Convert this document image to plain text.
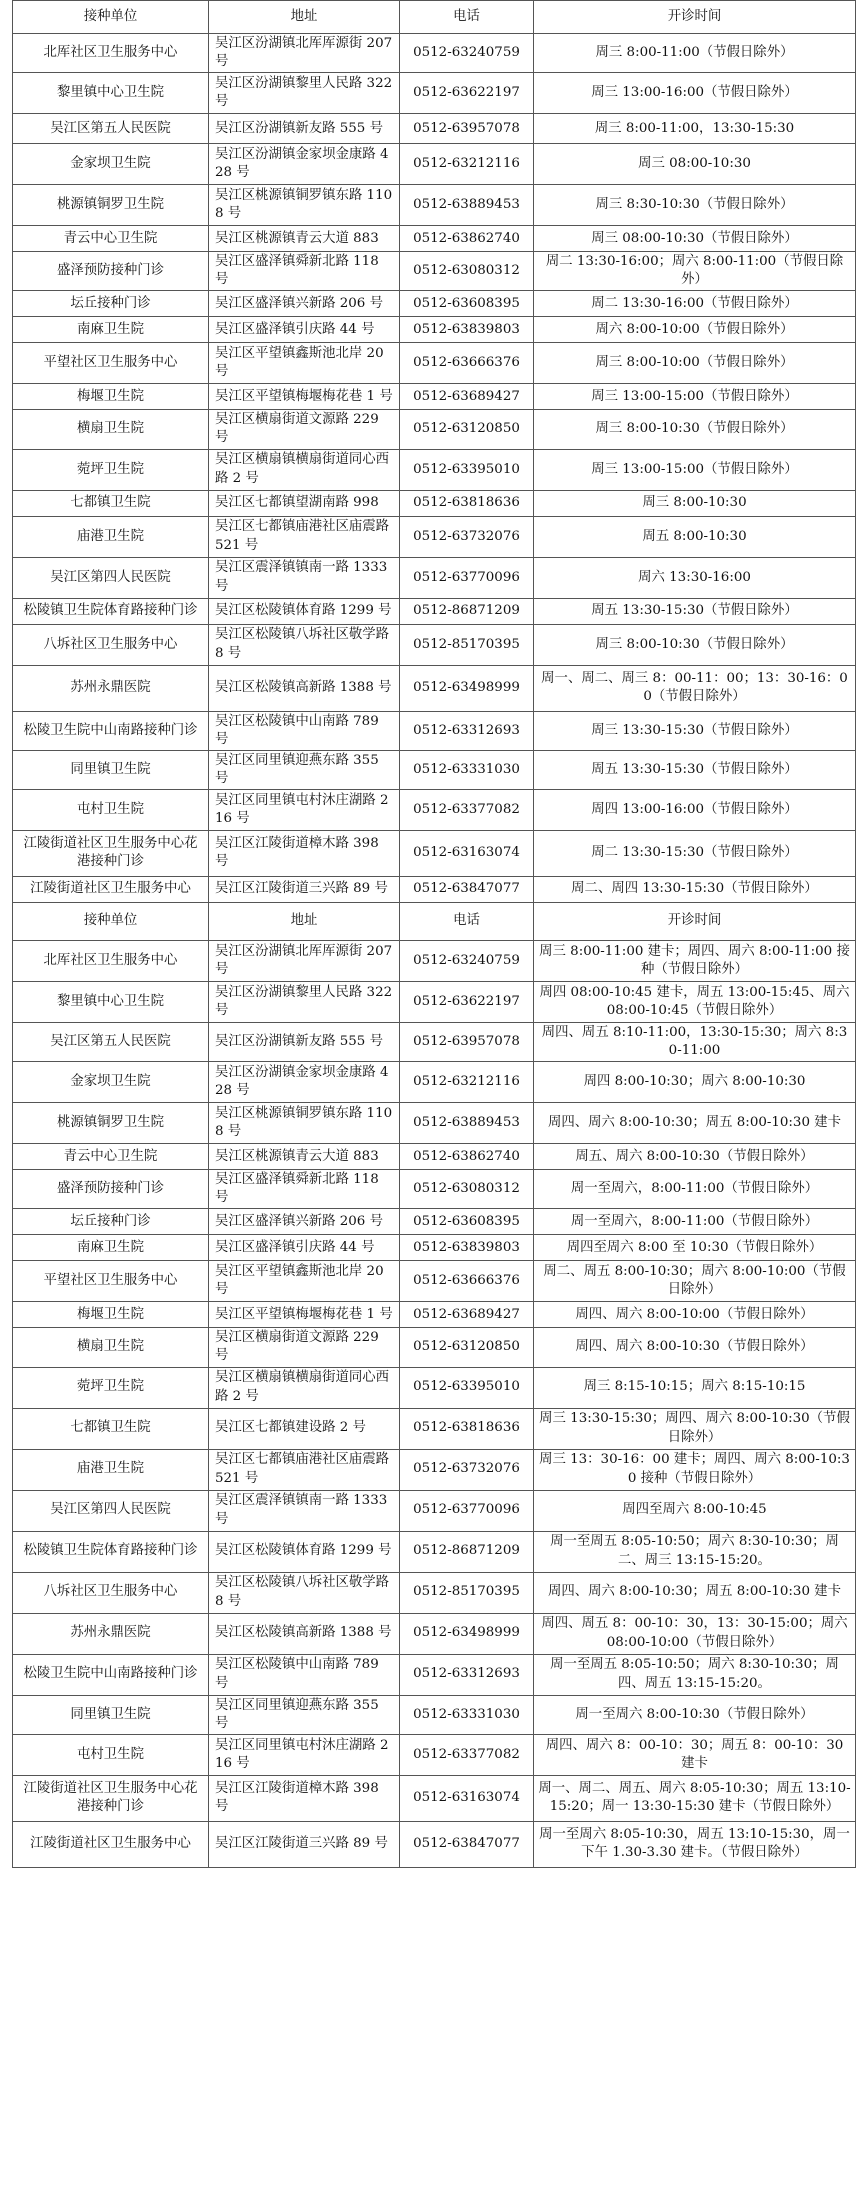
接种单位	地址	电话	开诊时间
北厍社区卫生服务中心	吴江区汾湖镇北厍厍源街 207 号	0512-63240759	周三 8:00-11:00（节假日除外）
黎里镇中心卫生院	吴江区汾湖镇黎里人民路 322 号	0512-63622197	周三 13:00-16:00（节假日除外）
吴江区第五人民医院	吴江区汾湖镇新友路 555 号	0512-63957078	周三 8:00-11:00，13:30-15:30
金家坝卫生院	吴江区汾湖镇金家坝金康路 428 号	0512-63212116	周三 08:00-10:30
桃源镇铜罗卫生院	吴江区桃源镇铜罗镇东路 1108 号	0512-63889453	周三 8:30-10:30（节假日除外）
青云中心卫生院	吴江区桃源镇青云大道 883	0512-63862740	周三 08:00-10:30（节假日除外）
盛泽预防接种门诊	吴江区盛泽镇舜新北路 118 号	0512-63080312	周二 13:30-16:00；周六 8:00-11:00（节假日除外）
坛丘接种门诊	吴江区盛泽镇兴新路 206 号	0512-63608395	周二 13:30-16:00（节假日除外）
南麻卫生院	吴江区盛泽镇引庆路 44 号	0512-63839803	周六 8:00-10:00（节假日除外）
平望社区卫生服务中心	吴江区平望镇鑫斯池北岸 20 号	0512-63666376	周三 8:00-10:00（节假日除外）
梅堰卫生院	吴江区平望镇梅堰梅花巷 1 号	0512-63689427	周三 13:00-15:00（节假日除外）
横扇卫生院	吴江区横扇街道文源路 229 号	0512-63120850	周三 8:00-10:30（节假日除外）
菀坪卫生院	吴江区横扇镇横扇街道同心西路 2 号	0512-63395010	周三 13:00-15:00（节假日除外）
七都镇卫生院	吴江区七都镇望湖南路 998	0512-63818636	周三 8:00-10:30
庙港卫生院	吴江区七都镇庙港社区庙震路 521 号	0512-63732076	周五 8:00-10:30
吴江区第四人民医院	吴江区震泽镇镇南一路 1333 号	0512-63770096	周六 13:30-16:00
松陵镇卫生院体育路接种门诊	吴江区松陵镇体育路 1299 号	0512-86871209	周五 13:30-15:30（节假日除外）
八坼社区卫生服务中心	吴江区松陵镇八坼社区敬学路 8 号	0512-85170395	周三 8:00-10:30（节假日除外）
苏州永鼎医院	吴江区松陵镇高新路 1388 号	0512-63498999	周一、周二、周三 8：00-11：00；13：30-16：00（节假日除外）
松陵卫生院中山南路接种门诊	吴江区松陵镇中山南路 789 号	0512-63312693	周三 13:30-15:30（节假日除外）
同里镇卫生院	吴江区同里镇迎燕东路 355 号	0512-63331030	周五 13:30-15:30（节假日除外）
屯村卫生院	吴江区同里镇屯村沐庄湖路 216 号	0512-63377082	周四 13:00-16:00（节假日除外）
江陵街道社区卫生服务中心花港接种门诊	吴江区江陵街道樟木路 398 号	0512-63163074	周二 13:30-15:30（节假日除外）
江陵街道社区卫生服务中心	吴江区江陵街道三兴路 89 号	0512-63847077	周二、周四 13:30-15:30（节假日除外）
接种单位	地址	电话	开诊时间
北厍社区卫生服务中心	吴江区汾湖镇北厍厍源街 207 号	0512-63240759	周三 8:00-11:00 建卡；周四、周六 8:00-11:00 接种（节假日除外）
黎里镇中心卫生院	吴江区汾湖镇黎里人民路 322 号	0512-63622197	周四 08:00-10:45 建卡，周五 13:00-15:45、周六 08:00-10:45（节假日除外）
吴江区第五人民医院	吴江区汾湖镇新友路 555 号	0512-63957078	周四、周五 8:10-11:00，13:30-15:30；周六 8:30-11:00
金家坝卫生院	吴江区汾湖镇金家坝金康路 428 号	0512-63212116	周四 8:00-10:30；周六 8:00-10:30
桃源镇铜罗卫生院	吴江区桃源镇铜罗镇东路 1108 号	0512-63889453	周四、周六 8:00-10:30；周五 8:00-10:30 建卡
青云中心卫生院	吴江区桃源镇青云大道 883	0512-63862740	周五、周六 8:00-10:30（节假日除外）
盛泽预防接种门诊	吴江区盛泽镇舜新北路 118 号	0512-63080312	周一至周六，8:00-11:00（节假日除外）
坛丘接种门诊	吴江区盛泽镇兴新路 206 号	0512-63608395	周一至周六，8:00-11:00（节假日除外）
南麻卫生院	吴江区盛泽镇引庆路 44 号	0512-63839803	周四至周六 8:00 至 10:30（节假日除外）
平望社区卫生服务中心	吴江区平望镇鑫斯池北岸 20 号	0512-63666376	周二、周五 8:00-10:30；周六 8:00-10:00（节假日除外）
梅堰卫生院	吴江区平望镇梅堰梅花巷 1 号	0512-63689427	周四、周六 8:00-10:00（节假日除外）
横扇卫生院	吴江区横扇街道文源路 229 号	0512-63120850	周四、周六 8:00-10:30（节假日除外）
菀坪卫生院	吴江区横扇镇横扇街道同心西路 2 号	0512-63395010	周三 8:15-10:15；周六 8:15-10:15
七都镇卫生院	吴江区七都镇建设路 2 号	0512-63818636	周三 13:30-15:30；周四、周六 8:00-10:30（节假日除外）
庙港卫生院	吴江区七都镇庙港社区庙震路 521 号	0512-63732076	周三 13：30-16：00 建卡；周四、周六 8:00-10:30 接种（节假日除外）
吴江区第四人民医院	吴江区震泽镇镇南一路 1333 号	0512-63770096	周四至周六 8:00-10:45
松陵镇卫生院体育路接种门诊	吴江区松陵镇体育路 1299 号	0512-86871209	周一至周五 8:05-10:50；周六 8:30-10:30；周二、周三 13:15-15:20。
八坼社区卫生服务中心	吴江区松陵镇八坼社区敬学路 8 号	0512-85170395	周四、周六 8:00-10:30；周五 8:00-10:30 建卡
苏州永鼎医院	吴江区松陵镇高新路 1388 号	0512-63498999	周四、周五 8：00-10：30，13：30-15:00；周六 08:00-10:00（节假日除外）
松陵卫生院中山南路接种门诊	吴江区松陵镇中山南路 789 号	0512-63312693	周一至周五 8:05-10:50；周六 8:30-10:30；周四、周五 13:15-15:20。
同里镇卫生院	吴江区同里镇迎燕东路 355 号	0512-63331030	周一至周六 8:00-10:30（节假日除外）
屯村卫生院	吴江区同里镇屯村沐庄湖路 216 号	0512-63377082	周四、周六 8：00-10：30；周五 8：00-10：30 建卡
江陵街道社区卫生服务中心花港接种门诊	吴江区江陵街道樟木路 398 号	0512-63163074	周一、周二、周五、周六 8:05-10:30；周五 13:10-15:20；周一 13:30-15:30 建卡（节假日除外）
江陵街道社区卫生服务中心	吴江区江陵街道三兴路 89 号	0512-63847077	周一至周六 8:05-10:30，周五 13:10-15:30，周一下午 1.30-3.30 建卡。（节假日除外）
